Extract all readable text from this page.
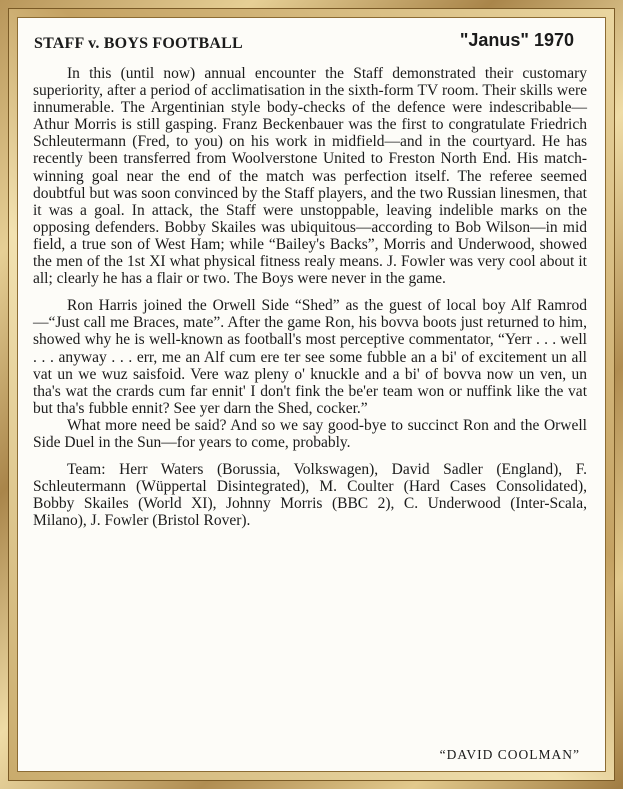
STAFF v. BOYS FOOTBALL	"Janus" 1970

In this (until now) annual encounter the Staff demonstrated their customary superiority, after a period of acclimatisation in the sixth-form TV room. Their skills were innumerable. The Argentinian style body-checks of the defence were indescribable—Athur Morris is still gasping. Franz Beckenbauer was the first to congratulate Friedrich Schleutermann (Fred, to you) on his work in midfield—and in the courtyard. He has recently been transferred from Woolverstone United to Freston North End. His match-winning goal near the end of the match was perfection itself. The referee seemed doubtful but was soon convinced by the Staff players, and the two Russian linesmen, that it was a goal. In attack, the Staff were unstoppable, leaving indelible marks on the opposing defenders. Bobby Skailes was ubiquitous—according to Bob Wilson—in mid field, a true son of West Ham; while “Bailey's Backs”, Morris and Underwood, showed the men of the 1st XI what physical fitness realy means. J. Fowler was very cool about it all; clearly he has a flair or two. The Boys were never in the game.

Ron Harris joined the Orwell Side “Shed” as the guest of local boy Alf Ramrod—“Just call me Braces, mate”. After the game Ron, his bovva boots just returned to him, showed why he is well-known as football's most perceptive commentator, “Yerr . . . well . . . anyway . . . err, me an Alf cum ere ter see some fubble an a bi' of excitement un all vat un we wuz saisfoid. Vere waz pleny o' knuckle and a bi' of bovva now un ven, un tha's wat the crards cum far ennit' I don't fink the be'er team won or nuffink like the vat but tha's fubble ennit? See yer darn the Shed, cocker.”

What more need be said? And so we say good-bye to succinct Ron and the Orwell Side Duel in the Sun—for years to come, probably.

Team: Herr Waters (Borussia, Volkswagen), David Sadler (England), F. Schleutermann (Wüppertal Disintegrated), M. Coulter (Hard Cases Consolidated), Bobby Skailes (World XI), Johnny Morris (BBC 2), C. Underwood (Inter-Scala, Milano), J. Fowler (Bristol Rover).

“DAVID COOLMAN”
